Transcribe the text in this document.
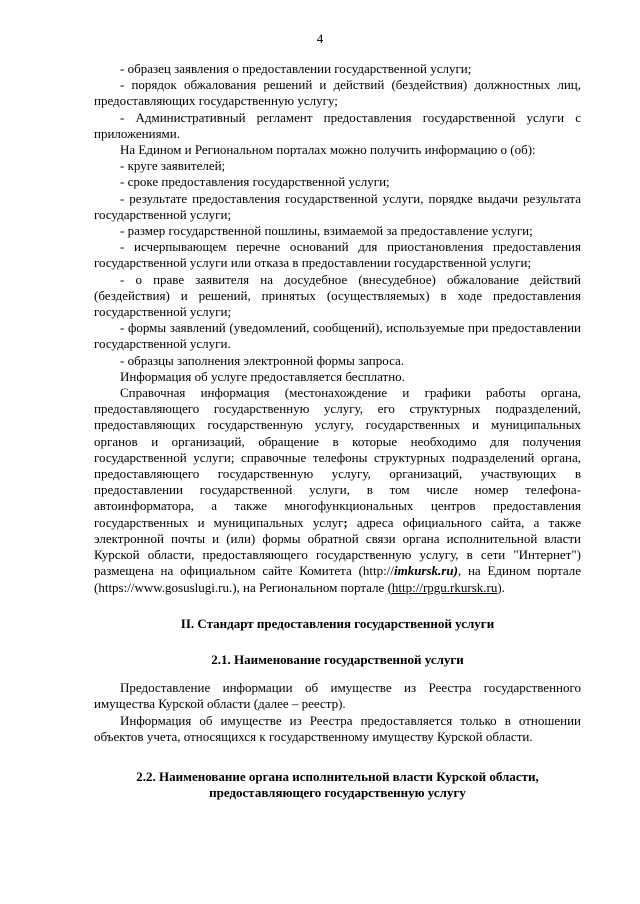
4

- образец заявления о предоставлении государственной услуги;

- порядок обжалования решений и действий (бездействия) должностных лиц, предоставляющих государственную услугу;

- Административный регламент предоставления государственной услуги с приложениями.

На Едином и Региональном порталах можно получить информацию о (об):

- круге заявителей;

- сроке предоставления государственной услуги;

- результате предоставления государственной услуги, порядке выдачи результата государственной услуги;

- размер государственной пошлины, взимаемой за предоставление услуги;

- исчерпывающем перечне оснований для приостановления предоставления государственной услуги или отказа в предоставлении государственной услуги;

- о праве заявителя на досудебное (внесудебное) обжалование действий (бездействия) и решений, принятых (осуществляемых) в ходе предоставления государственной услуги;

- формы заявлений (уведомлений, сообщений), используемые при предоставлении государственной услуги.

- образцы заполнения электронной формы запроса.

Информация об услуге предоставляется бесплатно.

Справочная информация (местонахождение и графики работы органа, предоставляющего государственную услугу, его структурных подразделений, предоставляющих государственную услугу, государственных и муниципальных органов и организаций, обращение в которые необходимо для получения государственной услуги; справочные телефоны структурных подразделений органа, предоставляющего государственную услугу, организаций, участвующих в предоставлении государственной услуги, в том числе номер телефона-автоинформатора, а также многофункциональных центров предоставления государственных и муниципальных услуг; адреса официального сайта, а также электронной почты и (или) формы обратной связи органа исполнительной власти Курской области, предоставляющего государственную услугу, в сети "Интернет") размещена на официальном сайте Комитета (http://imkursk.ru), на Едином портале (https://www.gosuslugi.ru.), на Региональном портале (http://rpgu.rkursk.ru).

II. Стандарт предоставления государственной услуги

2.1. Наименование государственной услуги

Предоставление информации об имуществе из Реестра государственного имущества Курской области (далее – реестр).

Информация об имуществе из Реестра предоставляется только в отношении объектов учета, относящихся к государственному имуществу Курской области.

2.2. Наименование органа исполнительной власти Курской области,

предоставляющего государственную услугу
